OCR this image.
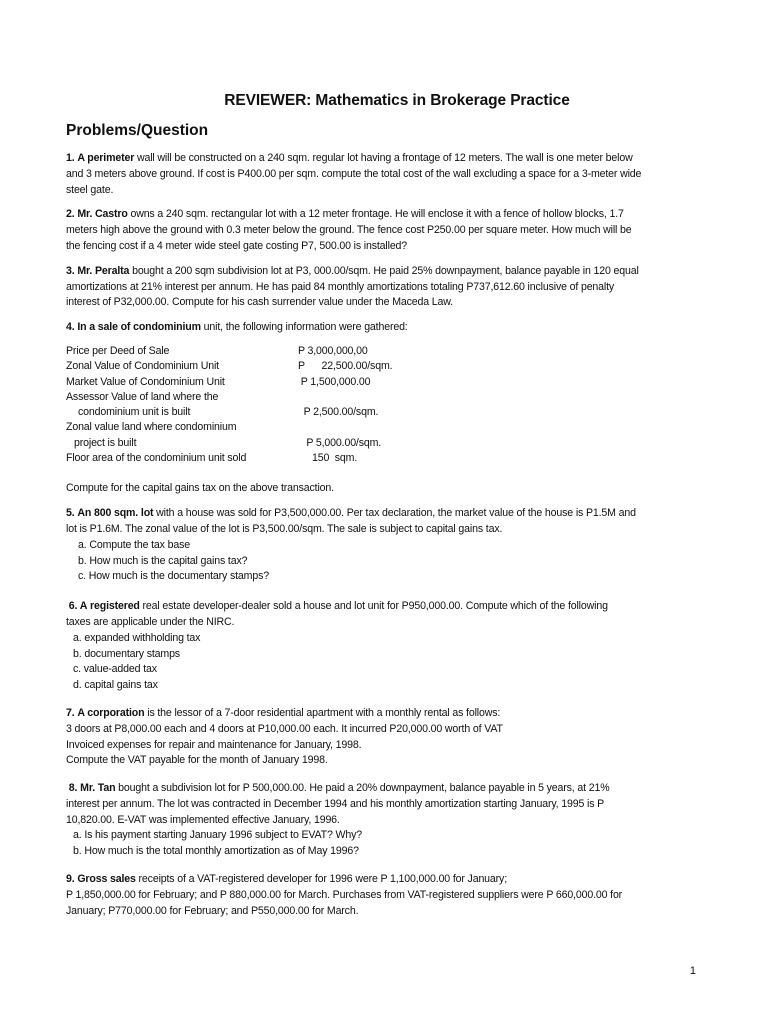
REVIEWER: Mathematics in Brokerage Practice
Problems/Question
1. A perimeter wall will be constructed on a 240 sqm. regular lot having a frontage of 12 meters. The wall is one meter below
and 3 meters above ground. If cost is P400.00 per sqm. compute the total cost of the wall excluding a space for a 3-meter wide
steel gate.
2. Mr. Castro owns a 240 sqm. rectangular lot with a 12 meter frontage. He will enclose it with a fence of hollow blocks, 1.7
meters high above the ground with 0.3 meter below the ground. The fence cost P250.00 per square meter. How much will be
the fencing cost if a 4 meter wide steel gate costing P7, 500.00 is installed?
3. Mr. Peralta bought a 200 sqm subdivision lot at P3, 000.00/sqm. He paid 25% downpayment, balance payable in 120 equal
amortizations at 21% interest per annum. He has paid 84 monthly amortizations totaling P737,612.60 inclusive of penalty
interest of P32,000.00. Compute for his cash surrender value under the Maceda Law.
4. In a sale of condominium unit, the following information were gathered:
Price per Deed of Sale	P 3,000,000,00
Zonal Value of Condominium Unit	P      22,500.00/sqm.
Market Value of Condominium Unit	P 1,500,000.00
Assessor Value of land where the	
condominium unit is built	P 2,500.00/sqm.
Zonal value land where condominium	
project is built	P 5,000.00/sqm.
Floor area of the condominium unit sold	150  sqm.
Compute for the capital gains tax on the above transaction.
5. An 800 sqm. lot with a house was sold for P3,500,000.00. Per tax declaration, the market value of the house is P1.5M and
lot is P1.6M. The zonal value of the lot is P3,500.00/sqm. The sale is subject to capital gains tax.
a. Compute the tax base
b. How much is the capital gains tax?
c. How much is the documentary stamps?
6. A registered real estate developer-dealer sold a house and lot unit for P950,000.00. Compute which of the following
taxes are applicable under the NIRC.
a. expanded withholding tax
b. documentary stamps
c. value-added tax
d. capital gains tax
7. A corporation is the lessor of a 7-door residential apartment with a monthly rental as follows:
3 doors at P8,000.00 each and 4 doors at P10,000.00 each. It incurred P20,000.00 worth of VAT
Invoiced expenses for repair and maintenance for January, 1998.
Compute the VAT payable for the month of January 1998.
8. Mr. Tan bought a subdivision lot for P 500,000.00. He paid a 20% downpayment, balance payable in 5 years, at 21%
interest per annum. The lot was contracted in December 1994 and his monthly amortization starting January, 1995 is P
10,820.00. E-VAT was implemented effective January, 1996.
a. Is his payment starting January 1996 subject to EVAT? Why?
b. How much is the total monthly amortization as of May 1996?
9. Gross sales receipts of a VAT-registered developer for 1996 were P 1,100,000.00 for January;
P 1,850,000.00 for February; and P 880,000.00 for March. Purchases from VAT-registered suppliers were P 660,000.00 for
January; P770,000.00 for February; and P550,000.00 for March.
1
